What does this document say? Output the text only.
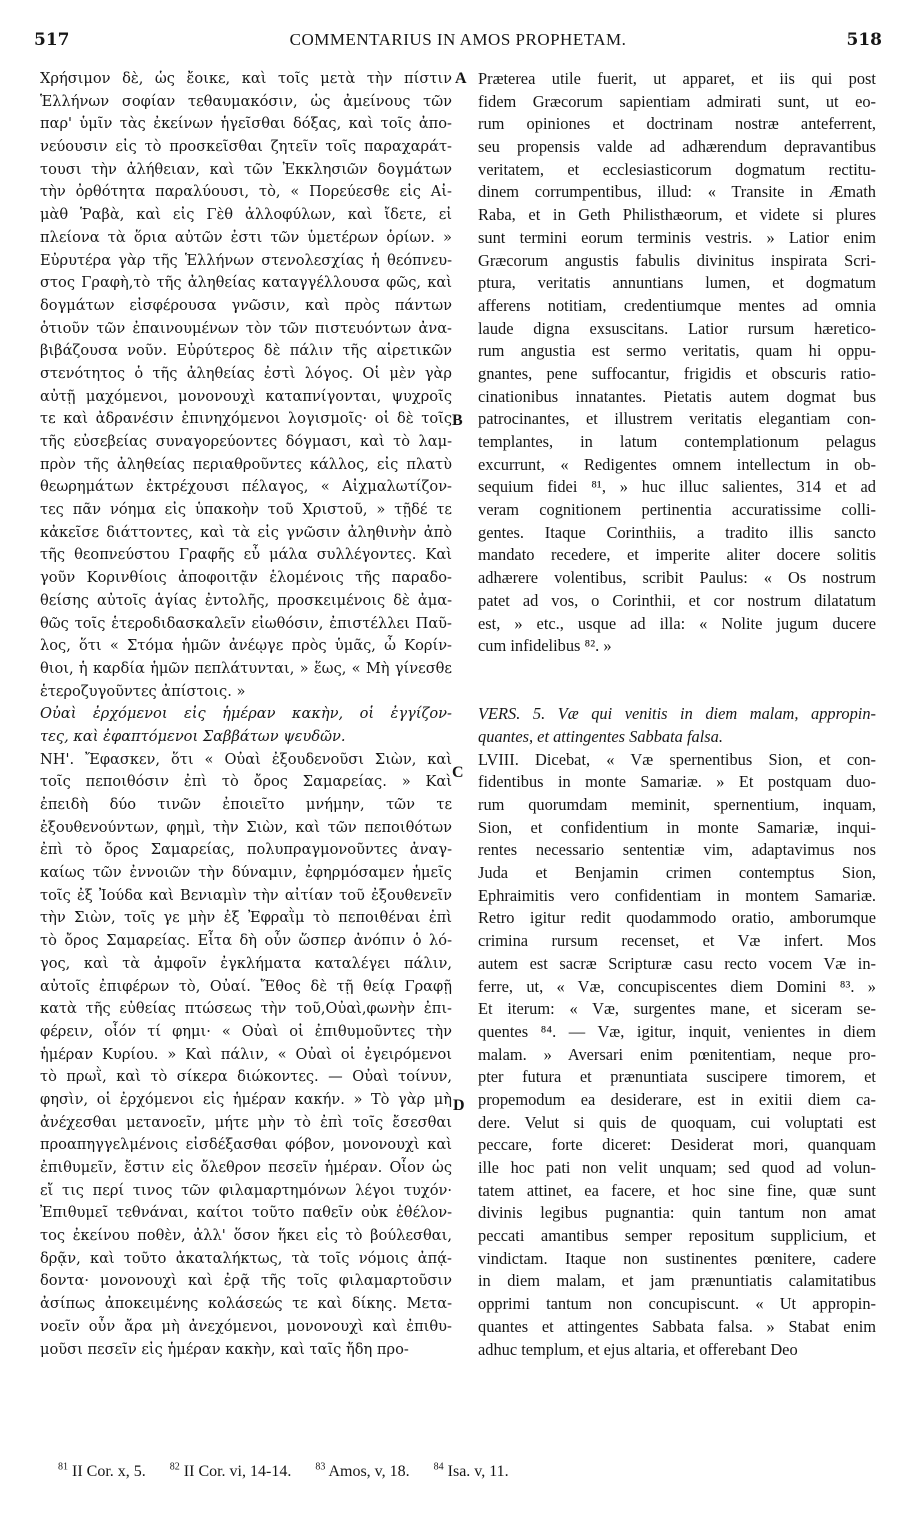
517	COMMENTARIUS IN AMOS PROPHETAM.	518
Χρήσιμον δὲ, ὡς ἔοικε, καὶ τοῖς μετὰ τὴν πίστιν
Ἑλλήνων σοφίαν τεθαυμακόσιν, ὡς ἀμείνους τῶν
παρ' ὑμῖν τὰς ἐκείνων ἡγεῖσθαι δόξας, καὶ τοῖς ἀπο-
νεύουσιν εἰς τὸ προσκεῖσθαι ζητεῖν τοῖς παραχαράτ-
τουσι τὴν ἀλήθειαν, καὶ τῶν Ἐκκλησιῶν δογμάτων
τὴν ὀρθότητα παραλύουσι, τὸ, « Πορεύεσθε εἰς Αἰ-
μὰθ Ῥαβὰ, καὶ εἰς Γὲθ ἀλλοφύλων, καὶ ἴδετε, εἰ
πλείονα τὰ ὅρια αὐτῶν ἐστι τῶν ὑμετέρων ὁρίων. »
Εὐρυτέρα γὰρ τῆς Ἑλλήνων στενολεσχίας ἡ θεόπνευ-
στος Γραφὴ,τὸ τῆς ἀληθείας καταγγέλλουσα φῶς, καὶ
δογμάτων εἰσφέρουσα γνῶσιν, καὶ πρὸς πάντων
ὁτιοῦν τῶν ἐπαινουμένων τὸν τῶν πιστευόντων ἀνα-
βιβάζουσα νοῦν. Εὐρύτερος δὲ πάλιν τῆς αἱρετικῶν
στενότητος ὁ τῆς ἀληθείας ἐστὶ λόγος. Οἱ μὲν γὰρ
αὐτῇ μαχόμενοι, μονονουχὶ καταπνίγονται, ψυχροῖς
τε καὶ ἀδρανέσιν ἐπινηχόμενοι λογισμοῖς· οἱ δὲ τοῖς
τῆς εὐσεβείας συναγορεύοντες δόγμασι, καὶ τὸ λαμ-
πρὸν τῆς ἀληθείας περιαθροῦντες κάλλος, εἰς πλατὺ
θεωρημάτων ἐκτρέχουσι πέλαγος, « Αἰχμαλωτίζον-
τες πᾶν νόημα εἰς ὑπακοὴν τοῦ Χριστοῦ, » τῇδέ τε
κἀκεῖσε διάττοντες, καὶ τὰ εἰς γνῶσιν ἀληθινὴν ἀπὸ
τῆς θεοπνεύστου Γραφῆς εὖ μάλα συλλέγοντες. Καὶ
γοῦν Κορινθίοις ἀποφοιτᾷν ἑλομένοις τῆς παραδο-
θείσης αὐτοῖς ἁγίας ἐντολῆς, προσκειμένοις δὲ ἀμα-
θῶς τοῖς ἑτεροδιδασκαλεῖν εἰωθόσιν, ἐπιστέλλει Παῦ-
λος, ὅτι « Στόμα ἡμῶν ἀνέῳγε πρὸς ὑμᾶς, ὦ Κορίν-
θιοι, ἡ καρδία ἡμῶν πεπλάτυνται, » ἕως, « Μὴ γίνεσθε
ἑτεροζυγοῦντες ἀπίστοις. »
Οὐαὶ ἐρχόμενοι εἰς ἡμέραν κακὴν, οἱ ἐγγίζον-
τες, καὶ ἐφαπτόμενοι Σαββάτων ψευδῶν.
ΝΗ'. Ἔφασκεν, ὅτι « Οὐαὶ ἐξουδενοῦσι Σιὼν, καὶ
τοῖς πεποιθόσιν ἐπὶ τὸ ὄρος Σαμαρείας. » Καὶ
ἐπειδὴ δύο τινῶν ἐποιεῖτο μνήμην, τῶν τε
ἐξουθενούντων, φημὶ, τὴν Σιὼν, καὶ τῶν πεποιθότων
ἐπὶ τὸ ὄρος Σαμαρείας, πολυπραγμονοῦντες ἀναγ-
καίως τῶν ἐννοιῶν τὴν δύναμιν, ἐφηρμόσαμεν ἡμεῖς
τοῖς ἐξ Ἰούδα καὶ Βενιαμὶν τὴν αἰτίαν τοῦ ἐξουθενεῖν
τὴν Σιὼν, τοῖς γε μὴν ἐξ Ἐφραῒμ τὸ πεποιθέναι ἐπὶ
τὸ ὄρος Σαμαρείας. Εἶτα δὴ οὖν ὥσπερ ἀνόπιν ὁ λό-
γος, καὶ τὰ ἀμφοῖν ἐγκλήματα καταλέγει πάλιν,
αὐτοῖς ἐπιφέρων τὸ, Οὐαί. Ἔθος δὲ τῇ θείᾳ Γραφῇ
κατὰ τῆς εὐθείας πτώσεως τὴν τοῦ,Οὐαὶ,φωνὴν ἐπι-
φέρειν, οἷόν τί φημι· « Οὐαὶ οἱ ἐπιθυμοῦντες τὴν
ἡμέραν Κυρίου. » Καὶ πάλιν, « Οὐαὶ οἱ ἐγειρόμενοι
τὸ πρωῒ, καὶ τὸ σίκερα διώκοντες. — Οὐαὶ τοίνυν,
φησὶν, οἱ ἐρχόμενοι εἰς ἡμέραν κακήν. » Τὸ γὰρ μὴ
ἀνέχεσθαι μετανοεῖν, μήτε μὴν τὸ ἐπὶ τοῖς ἔσεσθαι
προαπηγγελμένοις εἰσδέξασθαι φόβον, μονονουχὶ καὶ
ἐπιθυμεῖν, ἔστιν εἰς ὄλεθρον πεσεῖν ἡμέραν. Οἷον ὡς
εἴ τις περί τινος τῶν φιλαμαρτημόνων λέγοι τυχόν·
Ἐπιθυμεῖ τεθνάναι, καίτοι τοῦτο παθεῖν οὐκ ἐθέλον-
τος ἐκείνου ποθὲν, ἀλλ' ὅσον ἥκει εἰς τὸ βούλεσθαι,
δρᾷν, καὶ τοῦτο ἀκαταλήκτως, τὰ τοῖς νόμοις ἀπᾴ-
δοντα· μονονουχὶ καὶ ἐρᾷ τῆς τοῖς φιλαμαρτοῦσιν
ἀσίπως ἀποκειμένης κολάσεώς τε καὶ δίκης. Μετα-
νοεῖν οὖν ἄρα μὴ ἀνεχόμενοι, μονονουχὶ καὶ ἐπιθυ-
μοῦσι πεσεῖν εἰς ἡμέραν κακὴν, καὶ ταῖς ἤδη προ-
Præterea utile fuerit, ut apparet, et iis qui post
fidem Græcorum sapientiam admirati sunt, ut eo-
rum opiniones et doctrinam nostræ anteferrent,
seu propensis valde ad adhærendum depravantibus
veritatem, et ecclesiasticorum dogmatum rectitu-
dinem corrumpentibus, illud: « Transite in Æmath
Raba, et in Geth Philisthæorum, et videte si plures
sunt termini eorum terminis vestris. » Latior enim
Græcorum angustis fabulis divinitus inspirata Scri-
ptura, veritatis annuntians lumen, et dogmatum
afferens notitiam, credentiumque mentes ad omnia
laude digna exsuscitans. Latior rursum hæretico-
rum angustia est sermo veritatis, quam hi oppu-
gnantes, pene suffocantur, frigidis et obscuris ratio-
cinationibus innatantes. Pietatis autem dogmat bus
patrocinantes, et illustrem veritatis elegantiam con-
templantes, in latum contemplationum pelagus
excurrunt, « Redigentes omnem intellectum in ob-
sequium fidei ⁸¹, » huc illuc salientes, 314 et ad
veram cognitionem pertinentia accuratissime colli-
gentes. Itaque Corinthiis, a tradito illis sancto
mandato recedere, et imperite aliter docere solitis
adhærere volentibus, scribit Paulus: « Os nostrum
patet ad vos, o Corinthii, et cor nostrum dilatatum
est, » etc., usque ad illa: « Nolite jugum ducere
cum infidelibus ⁸². »
VERS. 5. Væ qui venitis in diem malam, appropin-
quantes, et attingentes Sabbata falsa.
LVIII. Dicebat, « Væ spernentibus Sion, et con-
fidentibus in monte Samariæ. » Et postquam duo-
rum quorumdam meminit, spernentium, inquam,
Sion, et confidentium in monte Samariæ, inqui-
rentes necessario sententiæ vim, adaptavimus nos
Juda et Benjamin crimen contemptus Sion,
Ephraimitis vero confidentiam in montem Samariæ.
Retro igitur redit quodammodo oratio, amborumque
crimina rursum recenset, et Væ infert. Mos
autem est sacræ Scripturæ casu recto vocem Væ in-
ferre, ut, « Væ, concupiscentes diem Domini ⁸³. »
Et iterum: « Væ, surgentes mane, et siceram se-
quentes ⁸⁴. — Væ, igitur, inquit, venientes in diem
malam. » Aversari enim pœnitentiam, neque pro-
pter futura et prænuntiata suscipere timorem, et
propemodum ea desiderare, est in exitii diem ca-
dere. Velut si quis de quoquam, cui voluptati est
peccare, forte diceret: Desiderat mori, quanquam
ille hoc pati non velit unquam; sed quod ad volun-
tatem attinet, ea facere, et hoc sine fine, quæ sunt
divinis legibus pugnantia: quin tantum non amat
peccati amantibus semper repositum supplicium, et
vindictam. Itaque non sustinentes pœnitere, cadere
in diem malam, et jam prænuntiatis calamitatibus
opprimi tantum non concupiscunt. « Ut appropin-
quantes et attingentes Sabbata falsa. » Stabat enim
adhuc templum, et ejus altaria, et offerebant Deo
A
B
C
D
$^{81}$ II Cor. x, 5. $^{82}$ II Cor. vi, 14-14. $^{83}$ Amos, v, 18. $^{84}$ Isa. v, 11.
